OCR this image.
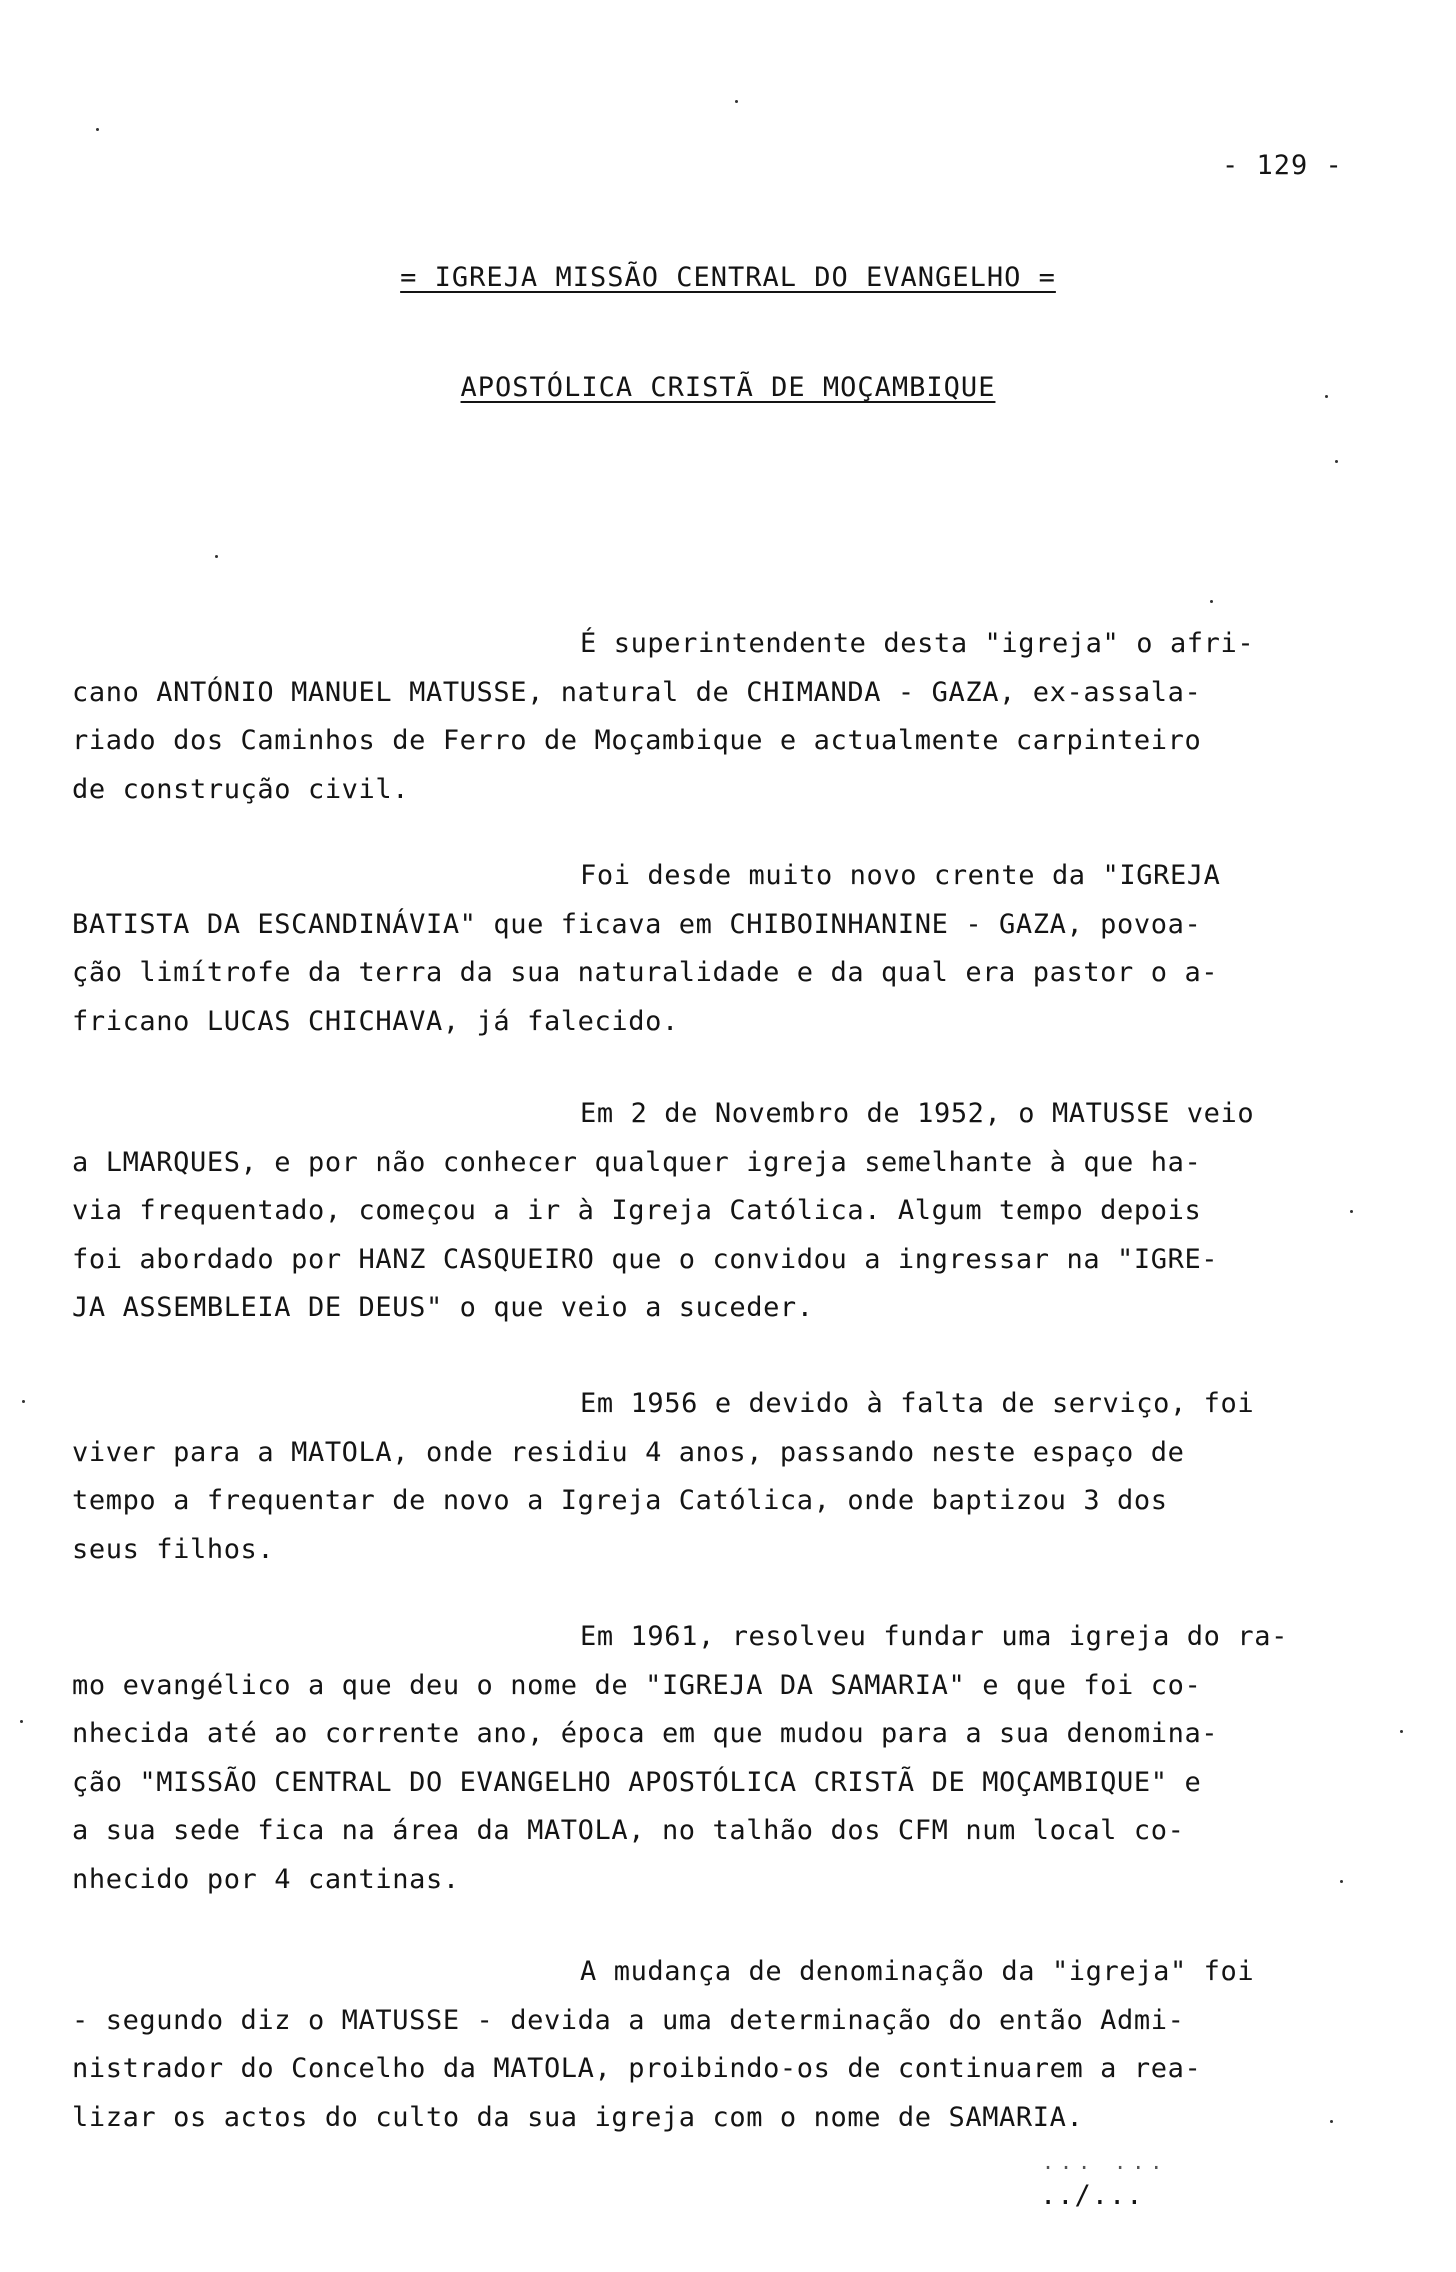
- 129 -
= IGREJA MISSÃO CENTRAL DO EVANGELHO =
APOSTÓLICA CRISTÃ DE MOÇAMBIQUE
É superintendente desta "igreja" o afri-
cano ANTÓNIO MANUEL MATUSSE, natural de CHIMANDA - GAZA, ex-assala-
riado dos Caminhos de Ferro de Moçambique e actualmente carpinteiro
de construção civil.
Foi desde muito novo crente da "IGREJA
BATISTA DA ESCANDINÁVIA" que ficava em CHIBOINHANINE - GAZA, povoa-
ção limítrofe da terra da sua naturalidade e da qual era pastor o a-
fricano LUCAS CHICHAVA, já falecido.
Em 2 de Novembro de 1952, o MATUSSE veio
a LMARQUES, e por não conhecer qualquer igreja semelhante à que ha-
via frequentado, começou a ir à Igreja Católica. Algum tempo depois
foi abordado por HANZ CASQUEIRO que o convidou a ingressar na "IGRE-
JA ASSEMBLEIA DE DEUS" o que veio a suceder.
Em 1956 e devido à falta de serviço, foi
viver para a MATOLA, onde residiu 4 anos, passando neste espaço de
tempo a frequentar de novo a Igreja Católica, onde baptizou 3 dos
seus filhos.
Em 1961, resolveu fundar uma igreja do ra-
mo evangélico a que deu o nome de "IGREJA DA SAMARIA" e que foi co-
nhecida até ao corrente ano, época em que mudou para a sua denomina-
ção "MISSÃO CENTRAL DO EVANGELHO APOSTÓLICA CRISTÃ DE MOÇAMBIQUE" e
a sua sede fica na área da MATOLA, no talhão dos CFM num local co-
nhecido por 4 cantinas.
A mudança de denominação da "igreja" foi
- segundo diz o MATUSSE - devida a uma determinação do então Admi-
nistrador do Concelho da MATOLA, proibindo-os de continuarem a rea-
lizar os actos do culto da sua igreja com o nome de SAMARIA.
... ...
../...
